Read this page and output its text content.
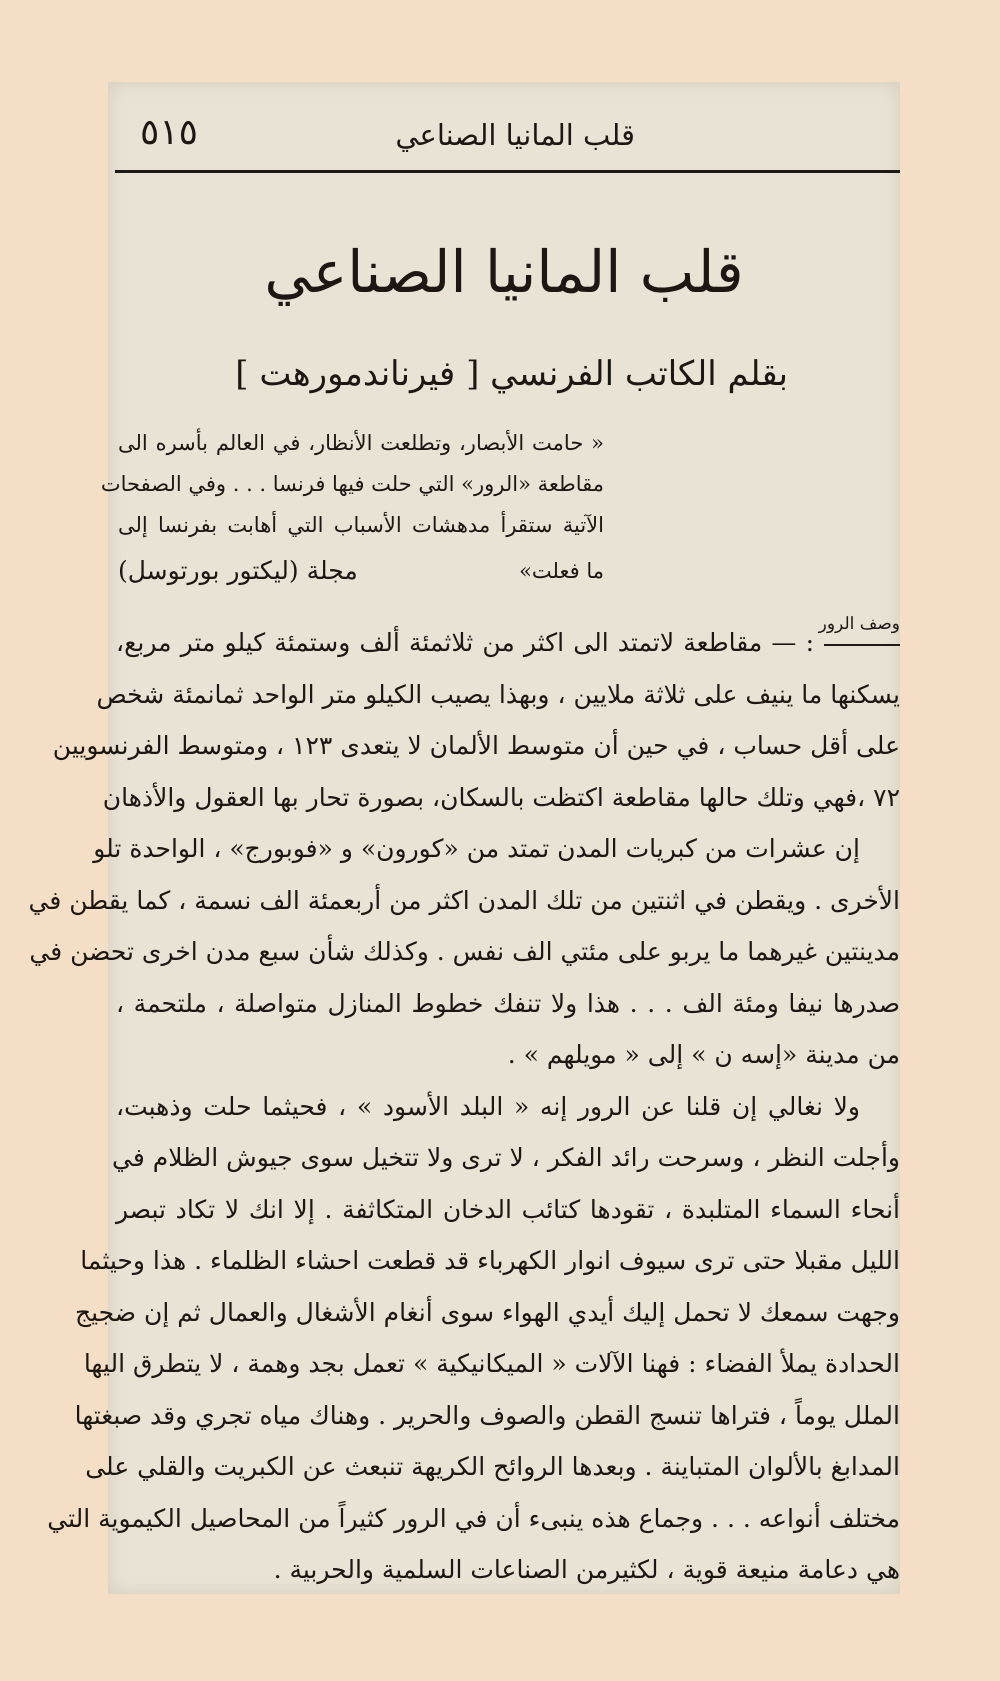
٥١٥	قلب المانيا الصناعي
قلب المانيا الصناعي
بقلم الكاتب الفرنسي [ فيرناندمورهت ]
« حامت الأبصار، وتطلعت الأنظار، في العالم بأسره الى
مقاطعة «الرور» التي حلت فيها فرنسا . . . وفي الصفحات
الآتية ستقرأ مدهشات الأسباب التي أهابت بفرنسا إلى
ما فعلت»
مجلة (ليكتور بورتوسل)
وصف الرور
: — مقاطعة لاتمتد الى اكثر من ثلاثمئة ألف وستمئة كيلو متر مربع،
يسكنها ما ينيف على ثلاثة ملايين ، وبهذا يصيب الكيلو متر الواحد ثمانمئة شخص
على أقل حساب ، في حين أن متوسط الألمان لا يتعدى ١٢٣ ، ومتوسط الفرنسويين
٧٢ ،فهي وتلك حالها مقاطعة اكتظت بالسكان، بصورة تحار بها العقول والأذهان
إن عشرات من كبريات المدن تمتد من «كورون» و «فوبورج» ، الواحدة تلو
الأخرى . ويقطن في اثنتين من تلك المدن اكثر من أربعمئة الف نسمة ، كما يقطن في
مدينتين غيرهما ما يربو على مئتي الف نفس . وكذلك شأن سبع مدن اخرى تحضن في
صدرها نيفا ومئة الف . . . هذا ولا تنفك خطوط المنازل متواصلة ، ملتحمة ،
من مدينة «إسه ن » إلى « مويلهم » .
ولا نغالي إن قلنا عن الرور إنه « البلد الأسود » ، فحيثما حلت وذهبت،
وأجلت النظر ، وسرحت رائد الفكر ، لا ترى ولا تتخيل سوى جيوش الظلام في
أنحاء السماء المتلبدة ، تقودها كتائب الدخان المتكاثفة . إلا انك لا تكاد تبصر
الليل مقبلا حتى ترى سيوف انوار الكهرباء قد قطعت احشاء الظلماء . هذا وحيثما
وجهت سمعك لا تحمل إليك أيدي الهواء سوى أنغام الأشغال والعمال ثم إن ضجيج
الحدادة يملأ الفضاء : فهنا الآلات « الميكانيكية » تعمل بجد وهمة ، لا يتطرق اليها
الملل يوماً ، فتراها تنسج القطن والصوف والحرير . وهناك مياه تجري وقد صبغتها
المدابغ بالألوان المتباينة . وبعدها الروائح الكريهة تنبعث عن الكبريت والقلي على
مختلف أنواعه . . . وجماع هذه ينبىء أن في الرور كثيراً من المحاصيل الكيموية التي
هي دعامة منيعة قوية ، لكثيرمن الصناعات السلمية والحربية .
